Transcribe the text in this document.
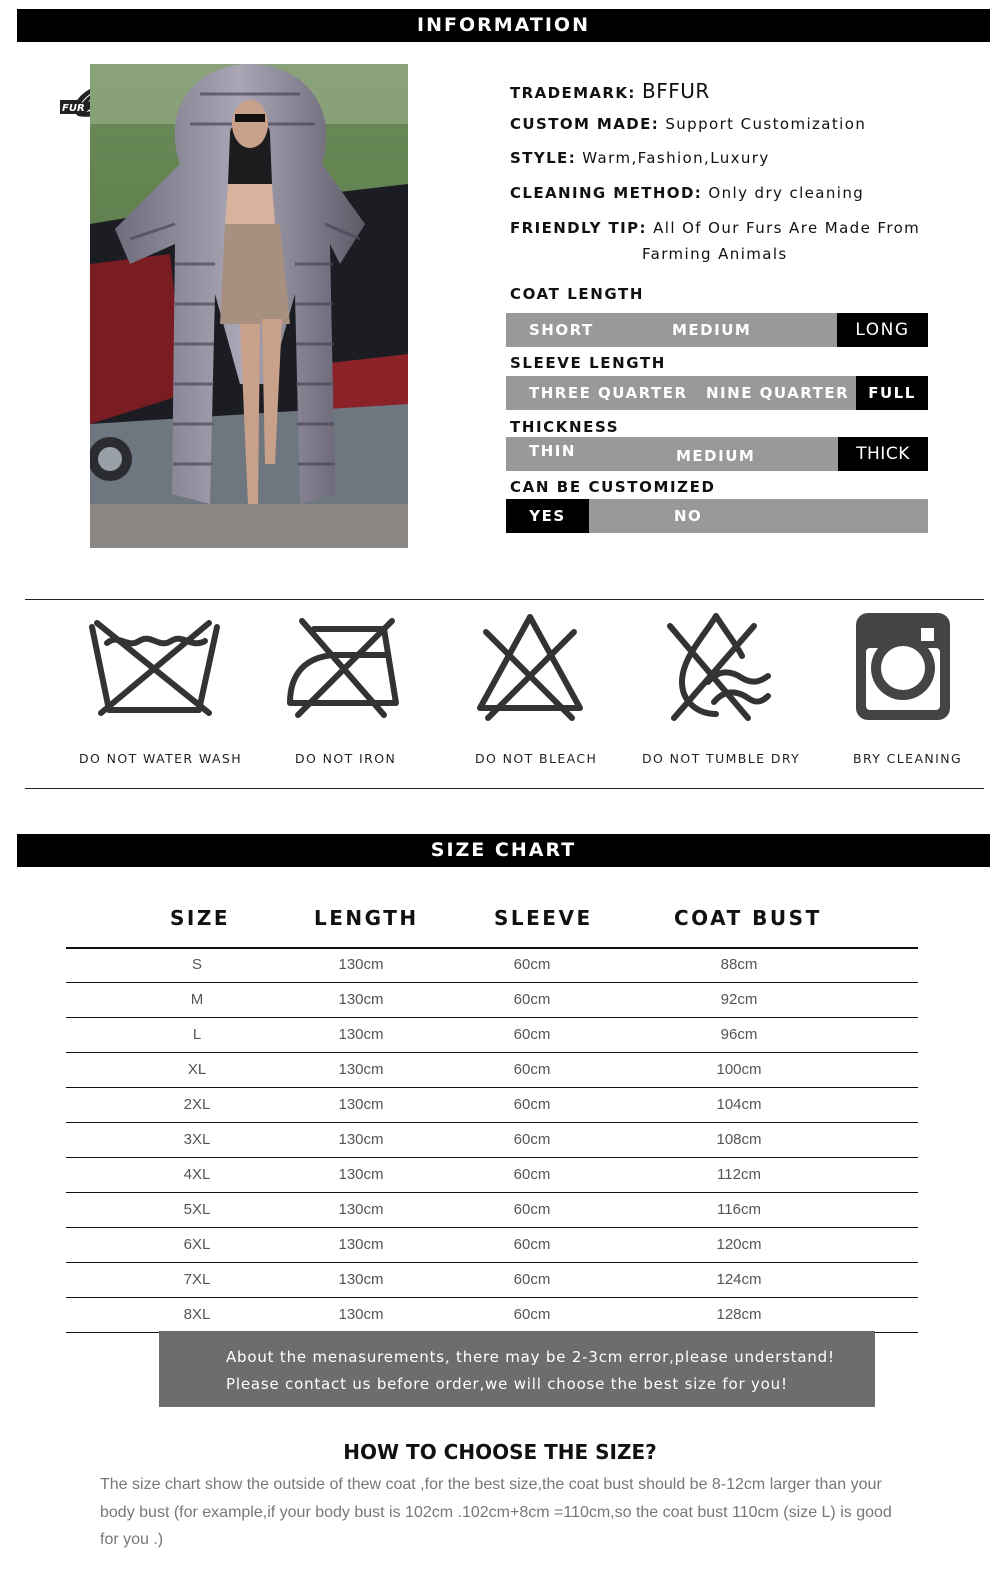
INFORMATION
FUR
TRADEMARK: BFFUR
CUSTOM MADE: Support Customization
STYLE: Warm,Fashion,Luxury
CLEANING METHOD: Only dry cleaning
FRIENDLY TIP: All Of Our Furs Are Made From
Farming Animals
COAT LENGTH
SHORT	MEDIUM	LONG
SLEEVE LENGTH
THREE QUARTER NINE QUARTER	FULL
THICKNESS
THIN	MEDIUM	THICK
CAN BE CUSTOMIZED
YES	NO
DO NOT WATER WASH	DO NOT IRON	DO NOT BLEACH	DO NOT TUMBLE DRY	BRY CLEANING
SIZE CHART
SIZE	LENGTH	SLEEVE	COAT BUST
S	130cm	60cm	88cm
M	130cm	60cm	92cm
L	130cm	60cm	96cm
XL	130cm	60cm	100cm
2XL	130cm	60cm	104cm
3XL	130cm	60cm	108cm
4XL	130cm	60cm	112cm
5XL	130cm	60cm	116cm
6XL	130cm	60cm	120cm
7XL	130cm	60cm	124cm
8XL	130cm	60cm	128cm
About the menasurements, there may be 2-3cm error,please understand!
Please contact us before order,we will choose the best size for you!
HOW TO CHOOSE THE SIZE?
The size chart show the outside of thew coat ,for the best size,the coat bust should be 8-12cm larger than your body bust (for example,if your body bust is 102cm .102cm+8cm =110cm,so the coat bust 110cm (size L) is good for you .)
